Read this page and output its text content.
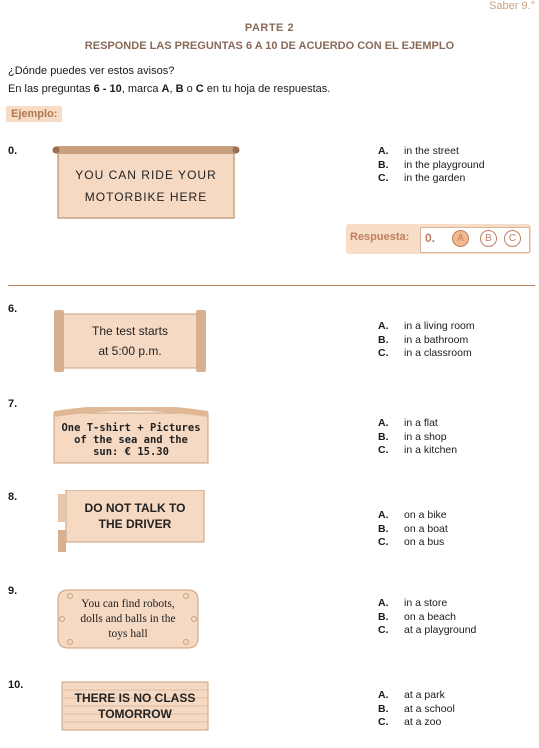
Saber 9.°
PARTE 2
RESPONDE LAS PREGUNTAS 6 A 10 DE ACUERDO CON EL EJEMPLO
¿Dónde puedes ver estos avisos?
En las preguntas 6 - 10, marca A, B o C en tu hoja de respuestas.
Ejemplo:
0.
YOU CAN RIDE YOUR
MOTORBIKE HERE
A.	in the street
B.	in the playground
C.	in the garden
Respuesta: 0.	A	B	C
6.
The test starts
at 5:00 p.m.
A.	in a living room
B.	in a bathroom
C.	in a classroom
7.
One T-shirt + Pictures
of the sea and the
sun: € 15.30
A.	in a flat
B.	in a shop
C.	in a kitchen
8.
DO NOT TALK TO
THE DRIVER
A.	on a bike
B.	on a boat
C.	on a bus
9.
You can find robots,
dolls and balls in the
toys hall
A.	in a store
B.	on a beach
C.	at a playground
10.
THERE IS NO CLASS
TOMORROW
A.	at a park
B.	at a school
C.	at a zoo
